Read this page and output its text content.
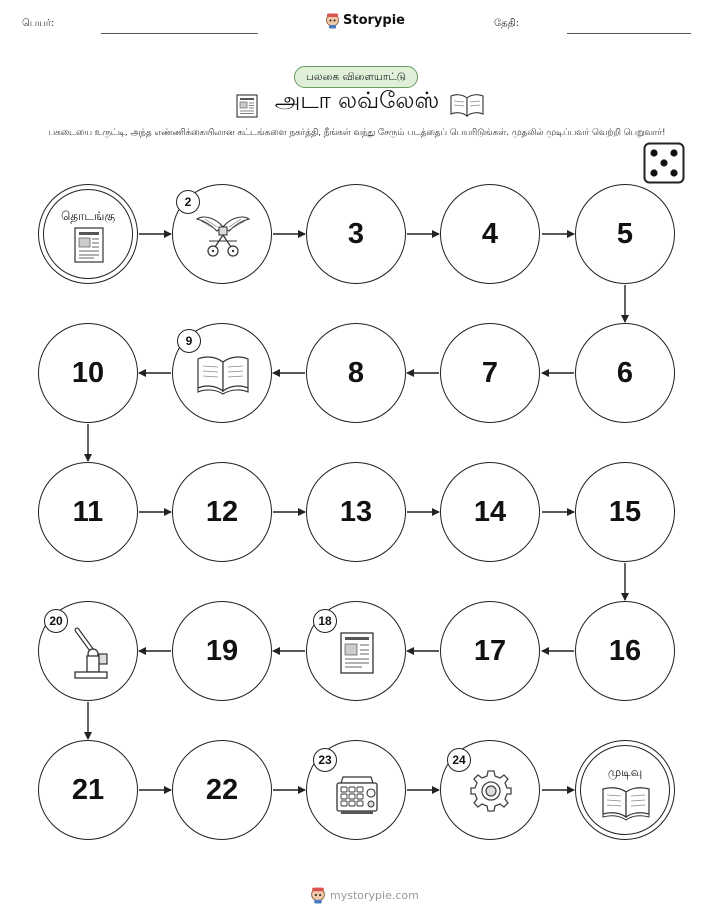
பெயர்:	Storypie	தேதி:
பலகை விளையாட்டு
அடா லவ்லேஸ்
பகடையை உருட்டி, அந்த எண்ணிக்கையிலான கட்டங்களை நகர்த்தி, நீங்கள் வந்து சேரும் படத்தைப் பெயரிடுங்கள். முதலில் முடிப்பவர் வெற்றி பெறுவார்!
தொடங்கு
2
3	4	5
10
9
8	7	6
11	12	13	14	15
20
19
18
17	16
21	22
23	24
முடிவு
mystorypie.com
